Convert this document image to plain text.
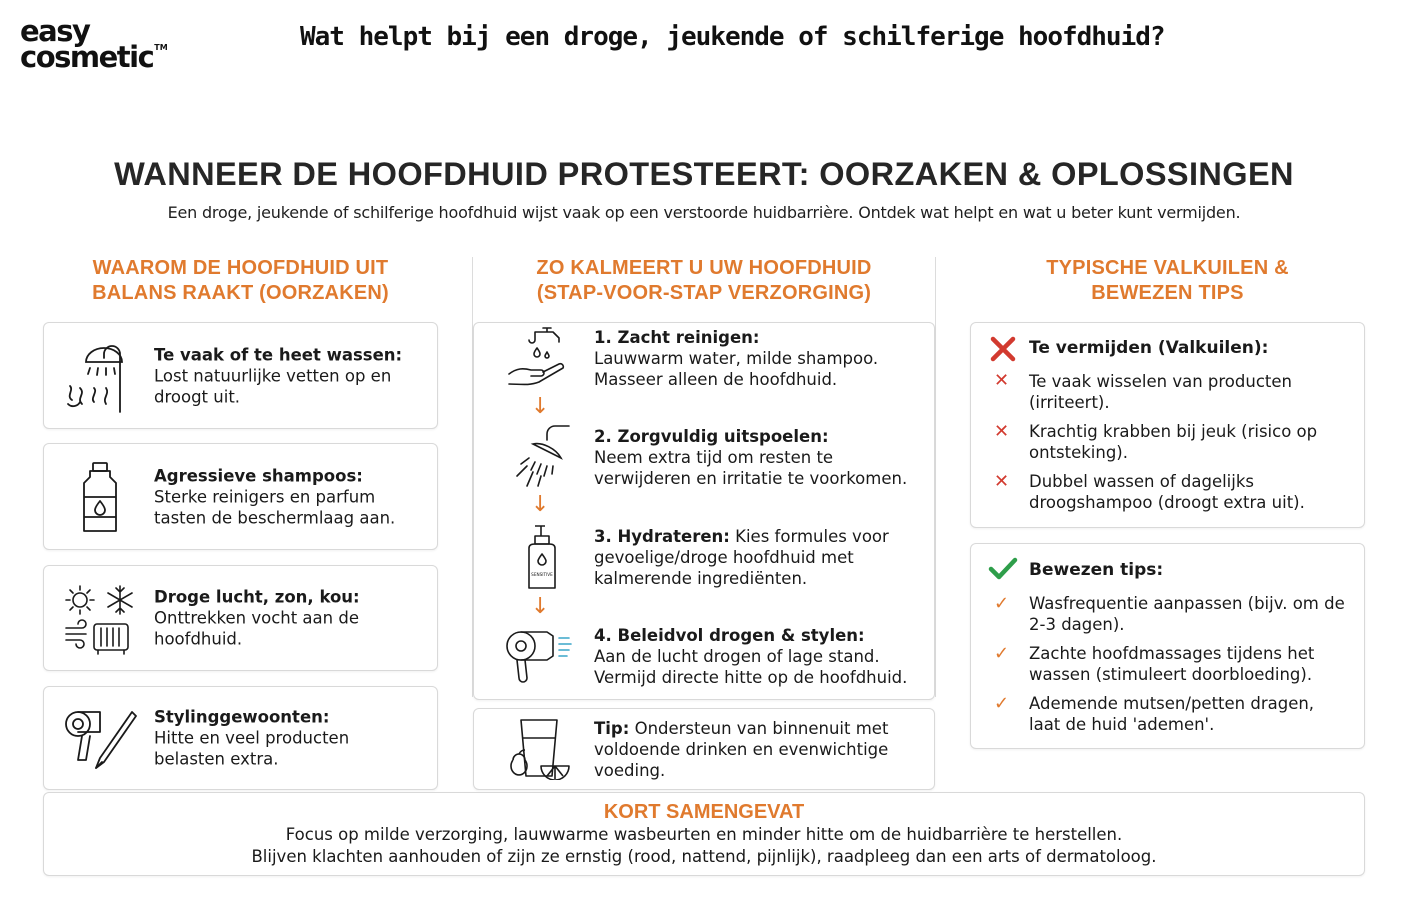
easy
cosmetic™	Wat helpt bij een droge, jeukende of schilferige hoofdhuid?
WANNEER DE HOOFDHUID PROTESTEERT: OORZAKEN & OPLOSSINGEN
Een droge, jeukende of schilferige hoofdhuid wijst vaak op een verstoorde huidbarrière. Ontdek wat helpt en wat u beter kunt vermijden.
WAAROM DE HOOFDHUID UIT
BALANS RAAKT (OORZAKEN)
ZO KALMEERT U UW HOOFDHUID
(STAP-VOOR-STAP VERZORGING)
TYPISCHE VALKUILEN &
BEWEZEN TIPS
Te vaak of te heet wassen:
Lost natuurlijke vetten op en droogt uit.
Agressieve shampoos:
Sterke reinigers en parfum tasten de beschermlaag aan.
Droge lucht, zon, kou:
Onttrekken vocht aan de hoofdhuid.
Stylinggewoonten:
Hitte en veel producten belasten extra.
1. Zacht reinigen:
Lauwwarm water, milde shampoo. Masseer alleen de hoofdhuid.
↓
2. Zorgvuldig uitspoelen:
Neem extra tijd om resten te verwijderen en irritatie te voorkomen.
↓
SENSITIVE
3. Hydrateren: Kies formules voor gevoelige/droge hoofdhuid met kalmerende ingrediënten.
↓
4. Beleidvol drogen & stylen:
Aan de lucht drogen of lage stand. Vermijd directe hitte op de hoofdhuid.
Tip: Ondersteun van binnenuit met voldoende drinken en evenwichtige voeding.
Te vermijden (Valkuilen):
✕ Te vaak wisselen van producten (irriteert).
✕ Krachtig krabben bij jeuk (risico op ontsteking).
✕ Dubbel wassen of dagelijks droogshampoo (droogt extra uit).
Bewezen tips:
✓ Wasfrequentie aanpassen (bijv. om de 2-3 dagen).
✓ Zachte hoofdmassages tijdens het wassen (stimuleert doorbloeding).
✓ Ademende mutsen/petten dragen, laat de huid 'ademen'.
KORT SAMENGEVAT
Focus op milde verzorging, lauwwarme wasbeurten en minder hitte om de huidbarrière te herstellen.
Blijven klachten aanhouden of zijn ze ernstig (rood, nattend, pijnlijk), raadpleeg dan een arts of dermatoloog.
